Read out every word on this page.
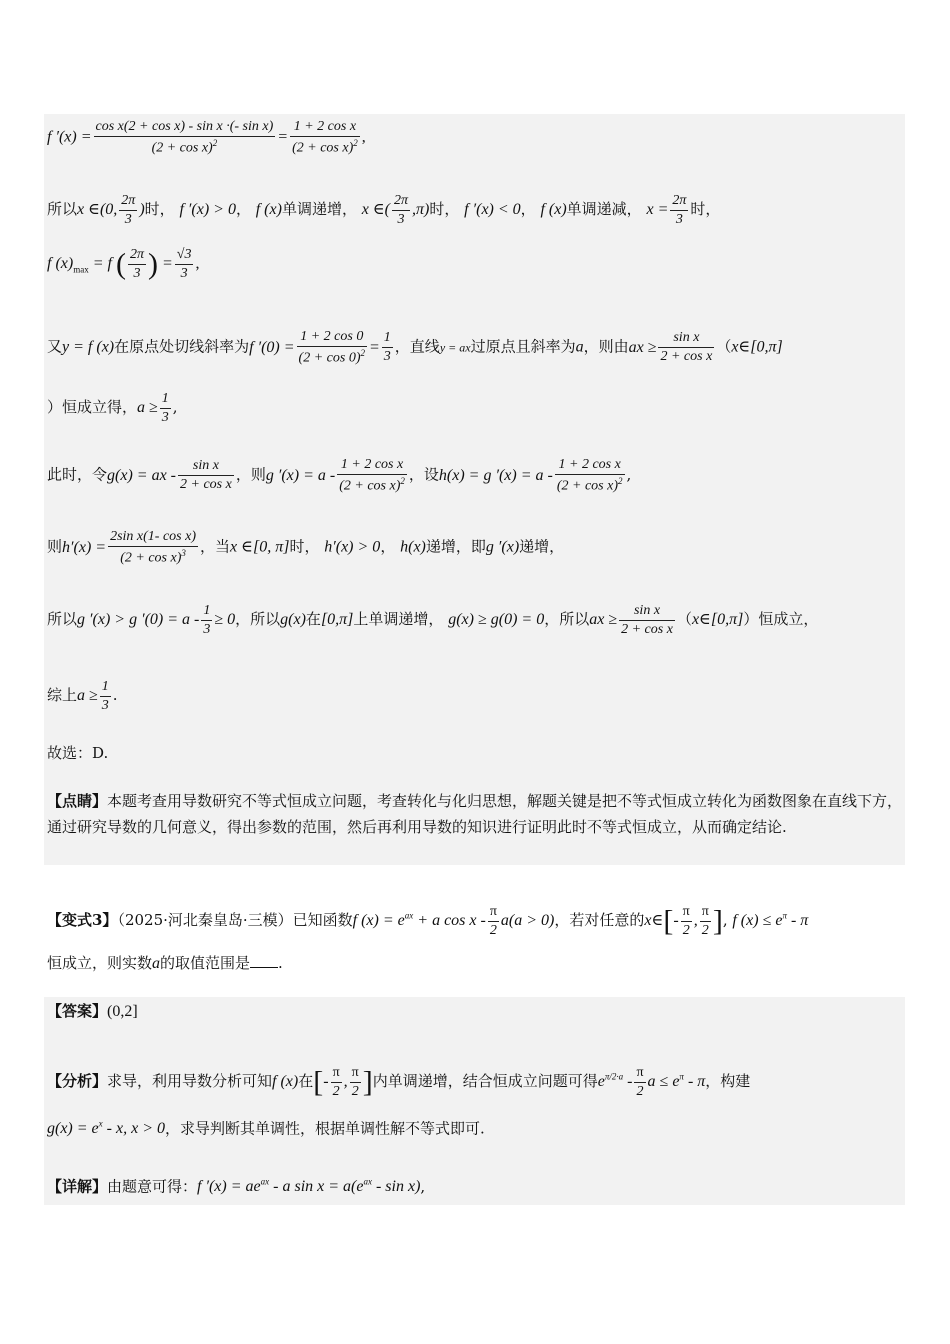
f $'(x) = \frac{\text{cos x(2 + cos x) - sin x ·(- sin x)}}{(2 + \cos x)^2} = \frac{\text{1 + 2 cos x}}{(2 + \cos x)^2}$ ,
所以x ∈(0, $\frac{2\pi}{3}$ )时， f ′(x) > 0， f (x)单调递增， x ∈( $\frac{2\pi}{3} ,\pi$)时， f ′(x) < 0， f (x)单调递减， $x = \frac{2\pi}{3}$ 时，
f $(x)_{max} = f$ ( $\frac{2\pi}{3}$ ) = $\frac{√3}{3}$ ,
又y = f (x)在原点处切线斜率为f $'(0) = \frac{1 + 2 \cos 0}{(2 + \cos 0)^2} = \frac{1}{3}$ ，直线y = ax过原点且斜率为a，则由ax ≥ $\frac{\text{sin x}}{\text{2 + cos x}}$ （x∈[0,π]
）恒成立得，$a \ge \frac{1}{3}$ ,
此时，令g(x) = ax - $\frac{\text{sin x}}{\text{2 + cos x}}$ ，则g $'(x) = a - \frac{\text{1 + 2 cos x}}{(2 + \cos x)^2}$ ，设h(x) = g $'(x) = a - \frac{\text{1 + 2 cos x}}{(2 + \cos x)^2}$ ,
则$h'(x) = \frac{\text{2sin x(1- cos x)}}{(2 + \cos x)^3}$ ，当x ∈[0, π]时， h′(x) > 0， h(x)递增，即g ′(x)递增，
所以g ′(x) > g $'(0) = a - \frac{1}{3} \ge 0$，所以g(x)在[0,π]上单调递增， g(x) ≥ g(0) = 0，所以ax ≥ $\frac{\text{sin x}}{\text{2 + cos x}}$ （x∈[0,π]）恒成立，
综上$a \ge \frac{1}{3}$ .
故选：D.
【点睛】本题考查用导数研究不等式恒成立问题，考查转化与化归思想，解题关键是把不等式恒成立转化为函数图象在直线下方，通过研究导数的几何意义，得出参数的范围，然后再利用导数的知识进行证明此时不等式恒成立，从而确定结论.
【变式3】（2025·河北秦皇岛·三模）已知函数f $(x) = e^{ax} + a$ $\cos x - \frac{\pi}{2} a(a > 0)$，若对任意的x∈[- $\frac{\pi}{2}$ , $\frac{\pi}{2}$ ], f $(x) \le e^\pi - \pi$
恒成立，则实数a的取值范围是 .
【答案】(0,2]
【分析】求导，利用导数分析可知f (x)在[- $\frac{\pi}{2}$ , $\frac{\pi}{2}$ ]内单调递增，结合恒成立问题可得$e^{\pi/2\cdot a} - \frac{\pi}{2}$ $a \le e^\pi - \pi$，构建
$g(x) = e^x - x$, x > 0，求导判断其单调性，根据单调性解不等式即可.
【详解】由题意可得：f $'(x) = ae^{ax} - a$ $\sin x = a(e^{ax} - \sin x)$,
